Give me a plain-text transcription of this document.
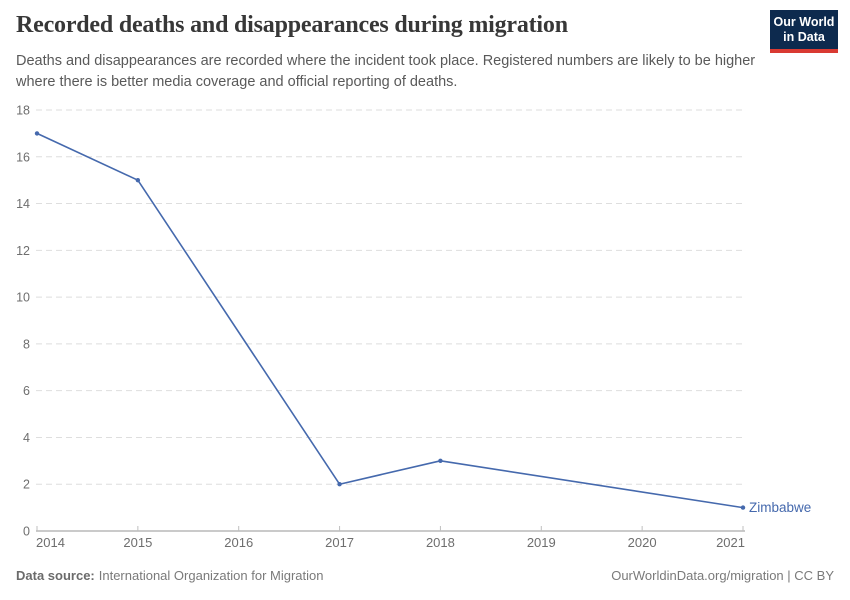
Recorded deaths and disappearances during migration

Deaths and disappearances are recorded where the incident took place. Registered numbers are likely to be higher where there is better media coverage and official reporting of deaths.

Our World
in Data
0
2
4
6
8
10
12
14
16
18
2014	2015	2016	2017	2018	2019	2020	2021
Zimbabwe
Data source: International Organization for Migration	OurWorldinData.org/migration | CC BY
